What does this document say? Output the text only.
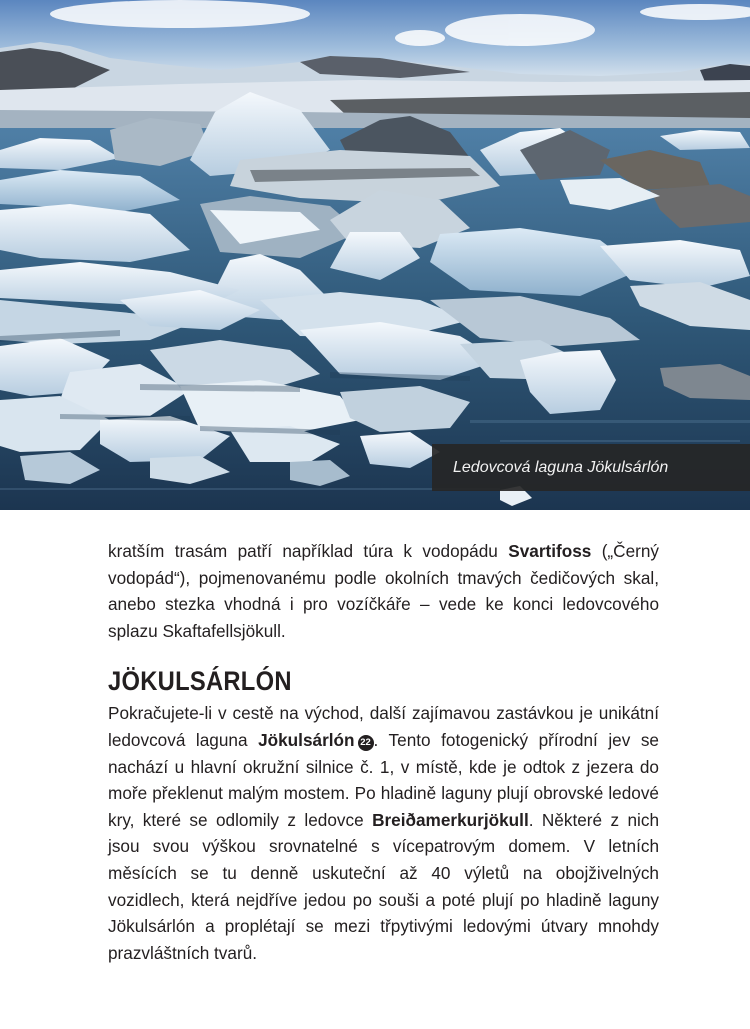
Ledovcová laguna Jökulsárlón

kratším trasám patří například túra k vodopádu Svartifoss („Černý vodopád“), pojmenovanému podle okolních tmavých čedičových skal, anebo stezka vhodná i pro vozíčkáře – vede ke konci ledovcového splazu Skaftafellsjökull.

JÖKULSÁRLÓN

Pokračujete-li v cestě na východ, další zajímavou zastávkou je unikátní ledovcová laguna Jökulsárlón 22 . Tento fotogenický přírodní jev se nachází u hlavní okružní silnice č. 1, v místě, kde je odtok z jezera do moře překlenut malým mostem. Po hladině laguny plují obrovské ledové kry, které se odlomily z ledovce Breiðamerkurjökull. Některé z nich jsou svou výškou srovnatelné s vícepatrovým domem. V letních měsících se tu denně uskuteční až 40 výletů na obojživelných vozidlech, která nejdříve jedou po souši a poté plují po hladině laguny Jökulsárlón a proplétají se mezi třpytivými ledovými útvary mnohdy prazvláštních tvarů.
